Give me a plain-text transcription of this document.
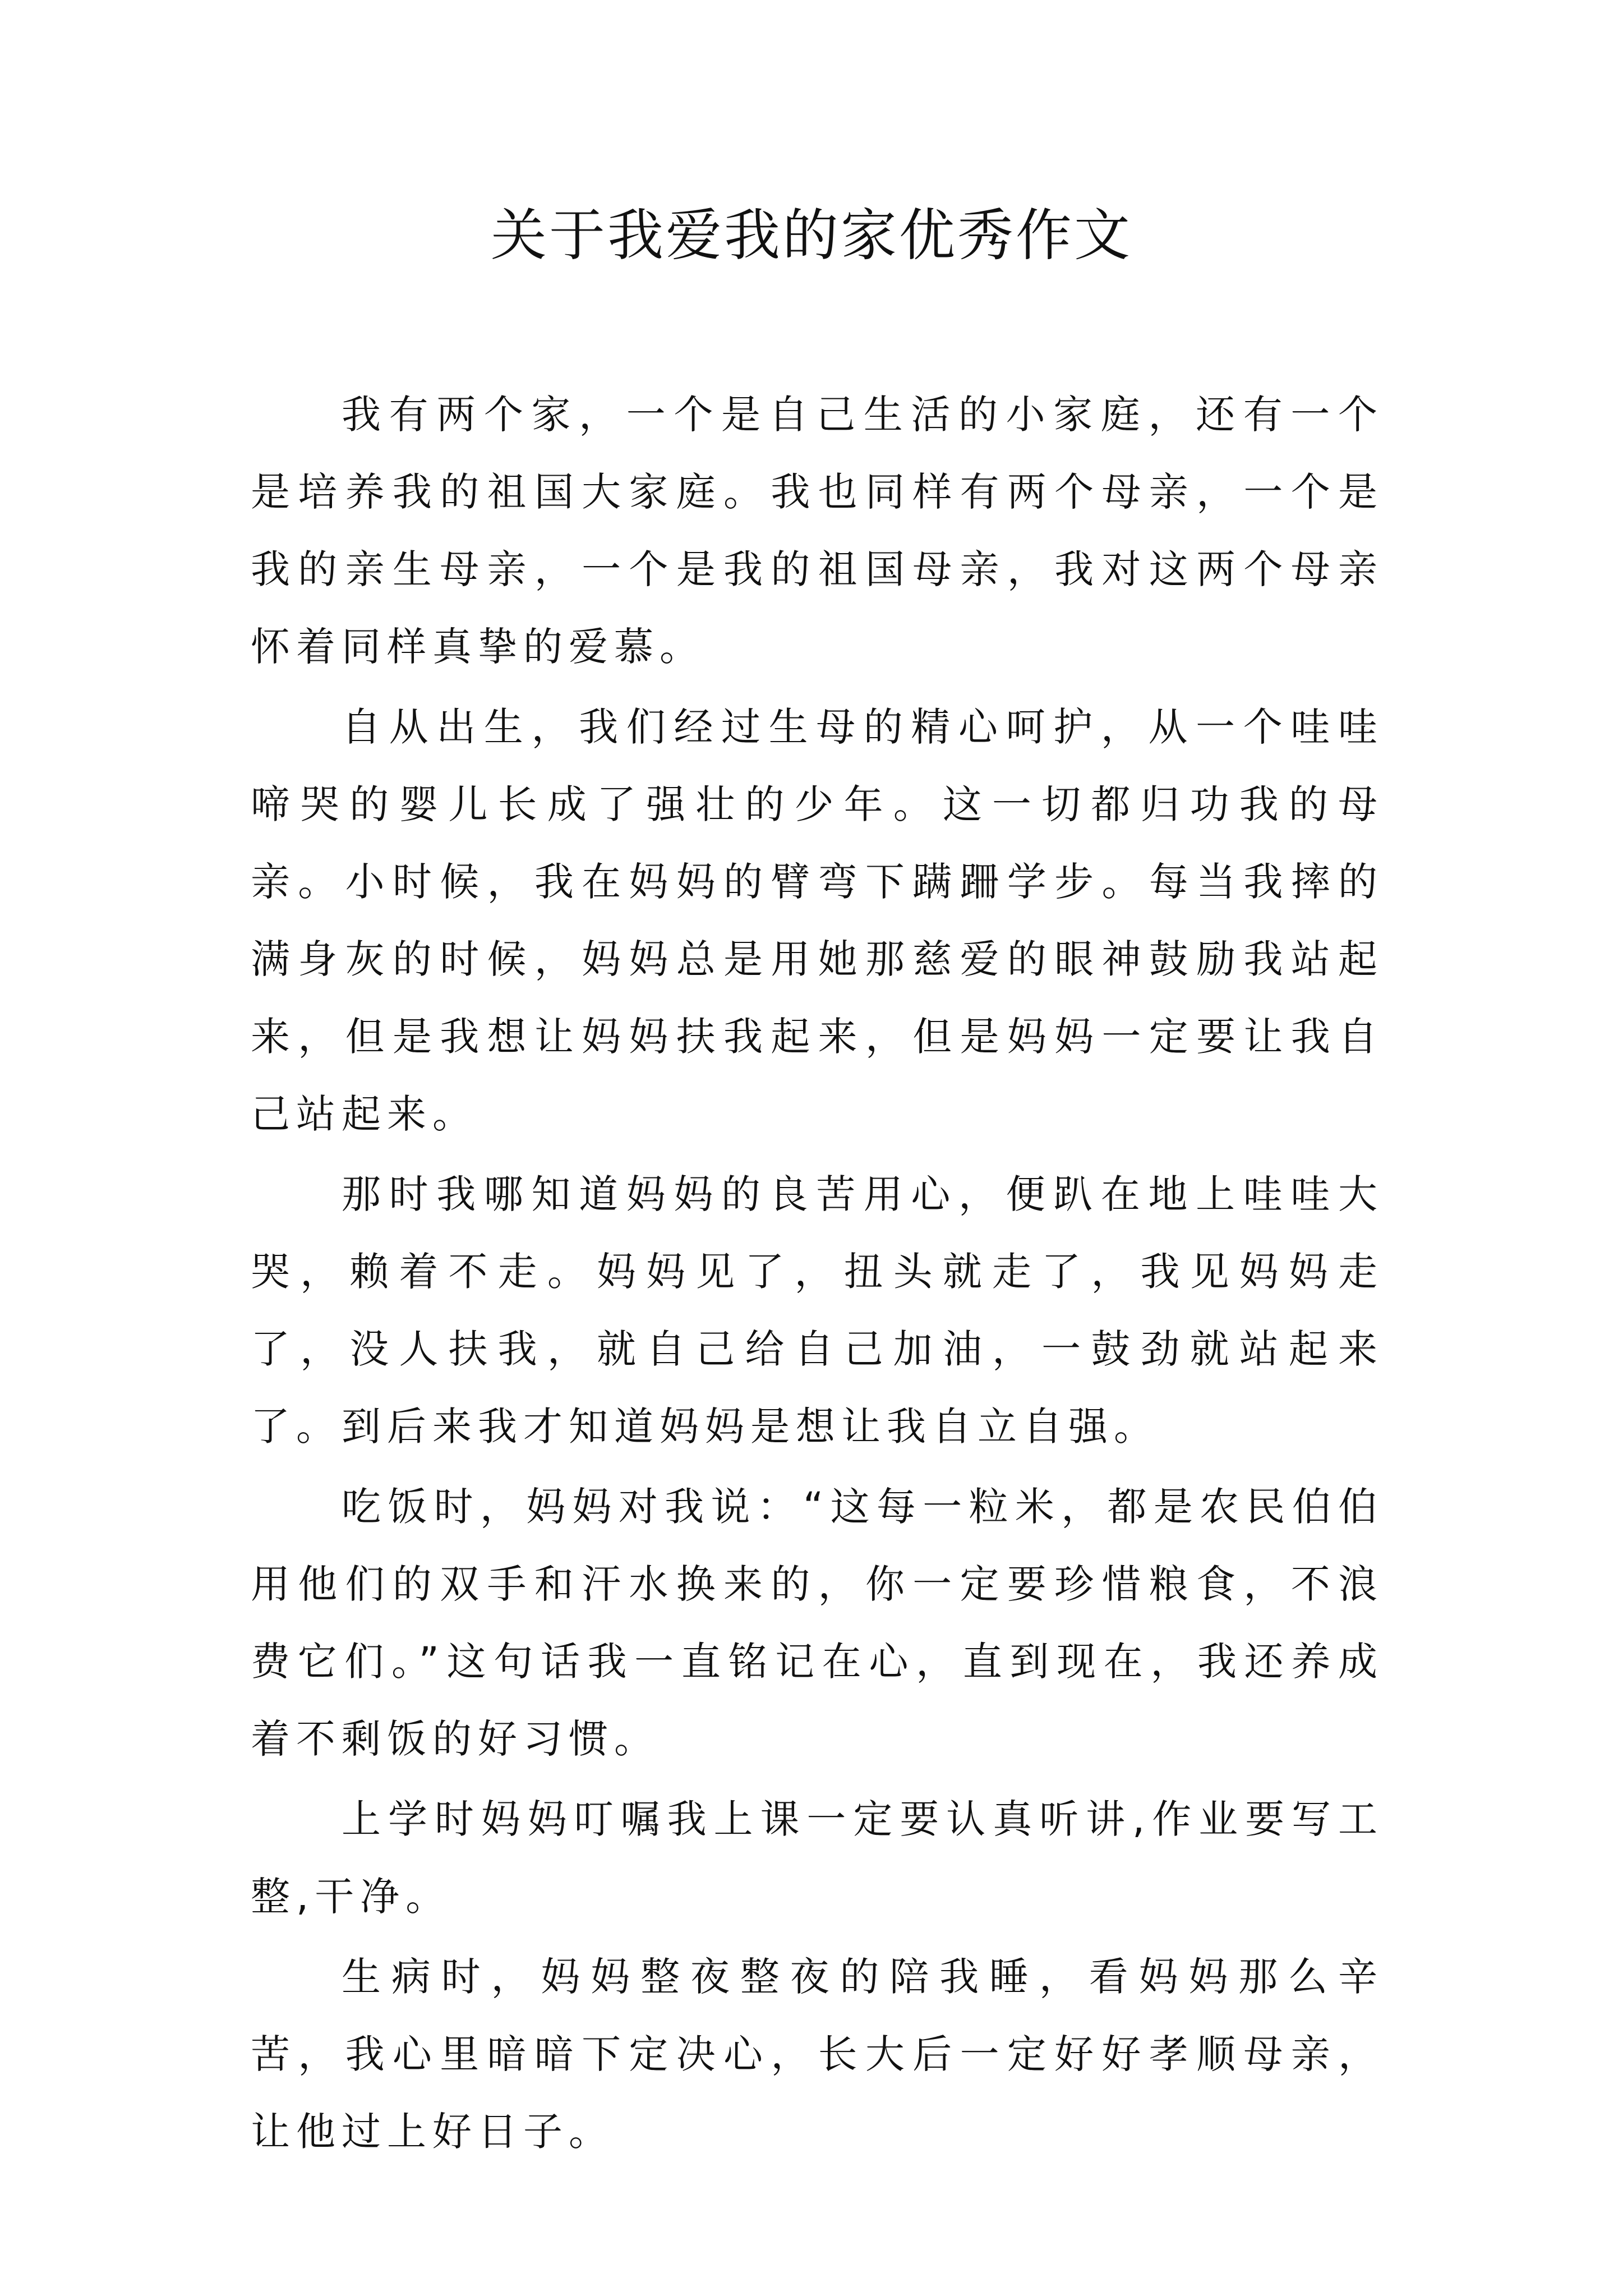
关于我爱我的家优秀作文

我有两个家，一个是自己生活的小家庭，还有一个是培养我的祖国大家庭。我也同样有两个母亲，一个是我的亲生母亲，一个是我的祖国母亲，我对这两个母亲怀着同样真挚的爱慕。

自从出生，我们经过生母的精心呵护，从一个哇哇啼哭的婴儿长成了强壮的少年。这一切都归功我的母亲。小时候，我在妈妈的臂弯下蹒跚学步。每当我摔的满身灰的时候，妈妈总是用她那慈爱的眼神鼓励我站起来，但是我想让妈妈扶我起来，但是妈妈一定要让我自己站起来。

那时我哪知道妈妈的良苦用心，便趴在地上哇哇大哭，赖着不走。妈妈见了，扭头就走了，我见妈妈走了，没人扶我，就自己给自己加油，一鼓劲就站起来了。到后来我才知道妈妈是想让我自立自强。

吃饭时，妈妈对我说：“这每一粒米，都是农民伯伯用他们的双手和汗水换来的，你一定要珍惜粮食，不浪费它们。”这句话我一直铭记在心，直到现在，我还养成着不剩饭的好习惯。

上学时妈妈叮嘱我上课一定要认真听讲,作业要写工整,干净。

生病时，妈妈整夜整夜的陪我睡，看妈妈那么辛苦，我心里暗暗下定决心，长大后一定好好孝顺母亲，让他过上好日子。
